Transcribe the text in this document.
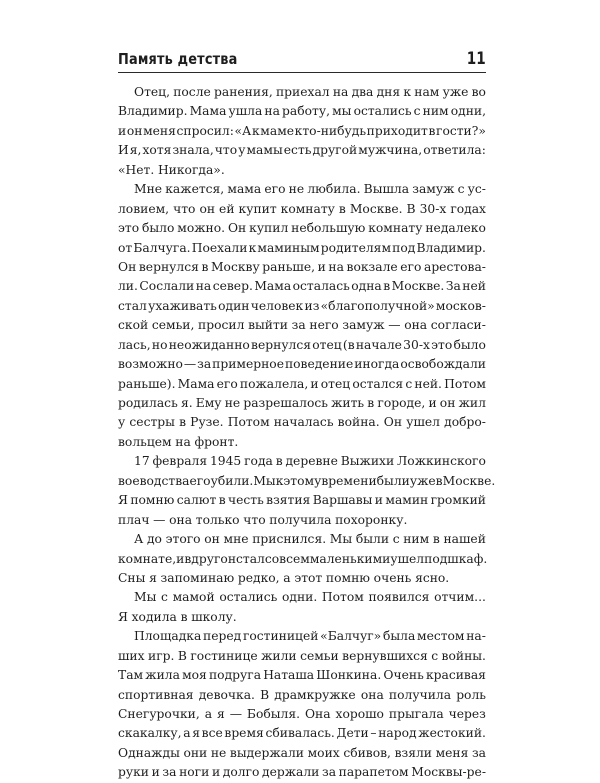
Память детства	11
Отец, после ранения, приехал на два дня к нам уже во
Владимир. Мама ушла на работу, мы остались с ним одни,
и он меня спросил: «А к маме кто-нибудь приходит в гости?»
И я, хотя знала, что у мамы есть другой мужчина, ответила:
«Нет. Никогда».
Мне кажется, мама его не любила. Вышла замуж с ус-
ловием, что он ей купит комнату в Москве. В 30-х годах
это было можно. Он купил небольшую комнату недалеко
от Балчуга. Поехали к маминым родителям под Владимир.
Он вернулся в Москву раньше, и на вокзале его арестова-
ли. Сослали на север. Мама осталась одна в Москве. За ней
стал ухаживать один человек из «благополучной» москов-
ской семьи, просил выйти за него замуж — она согласи-
лась, но неожиданно вернулся отец (в начале 30-х это было
возможно — за примерное поведение иногда освобождали
раньше). Мама его пожалела, и отец остался с ней. Потом
родилась я. Ему не разрешалось жить в городе, и он жил
у сестры в Рузе. Потом началась война. Он ушел добро-
вольцем на фронт.
17 февраля 1945 года в деревне Выжихи Ложкинского
воеводства его убили. Мы к этому времени были уже в Москве.
Я помню салют в честь взятия Варшавы и мамин громкий
плач — она только что получила похоронку.
А до этого он мне приснился. Мы были с ним в нашей
комнате, и вдруг он стал совсем маленьким и ушел под шкаф.
Сны я запоминаю редко, а этот помню очень ясно.
Мы с мамой остались одни. Потом появился отчим...
Я ходила в школу.
Площадка перед гостиницей «Балчуг» была местом на-
ших игр. В гостинице жили семьи вернувшихся с войны.
Там жила моя подруга Наташа Шонкина. Очень красивая
спортивная девочка. В драмкружке она получила роль
Снегурочки, а я — Бобыля. Она хорошо прыгала через
скакалку, а я все время сбивалась. Дети – народ жестокий.
Однажды они не выдержали моих сбивов, взяли меня за
руки и за ноги и долго держали за парапетом Москвы-ре-
